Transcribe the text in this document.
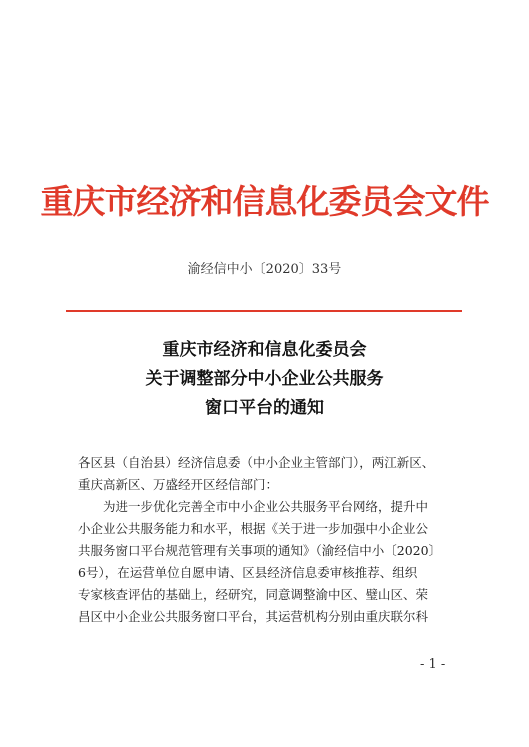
重庆市经济和信息化委员会文件
渝经信中小〔2020〕33号
重庆市经济和信息化委员会
关于调整部分中小企业公共服务
窗口平台的通知
各区县（自治县）经济信息委（中小企业主管部门），两江新区、
重庆高新区、万盛经开区经信部门：
为进一步优化完善全市中小企业公共服务平台网络，提升中
小企业公共服务能力和水平，根据《关于进一步加强中小企业公
共服务窗口平台规范管理有关事项的通知》（渝经信中小〔2020〕
6号），在运营单位自愿申请、区县经济信息委审核推荐、组织
专家核查评估的基础上，经研究，同意调整渝中区、璧山区、荣
昌区中小企业公共服务窗口平台，其运营机构分别由重庆联尔科
- 1 -
